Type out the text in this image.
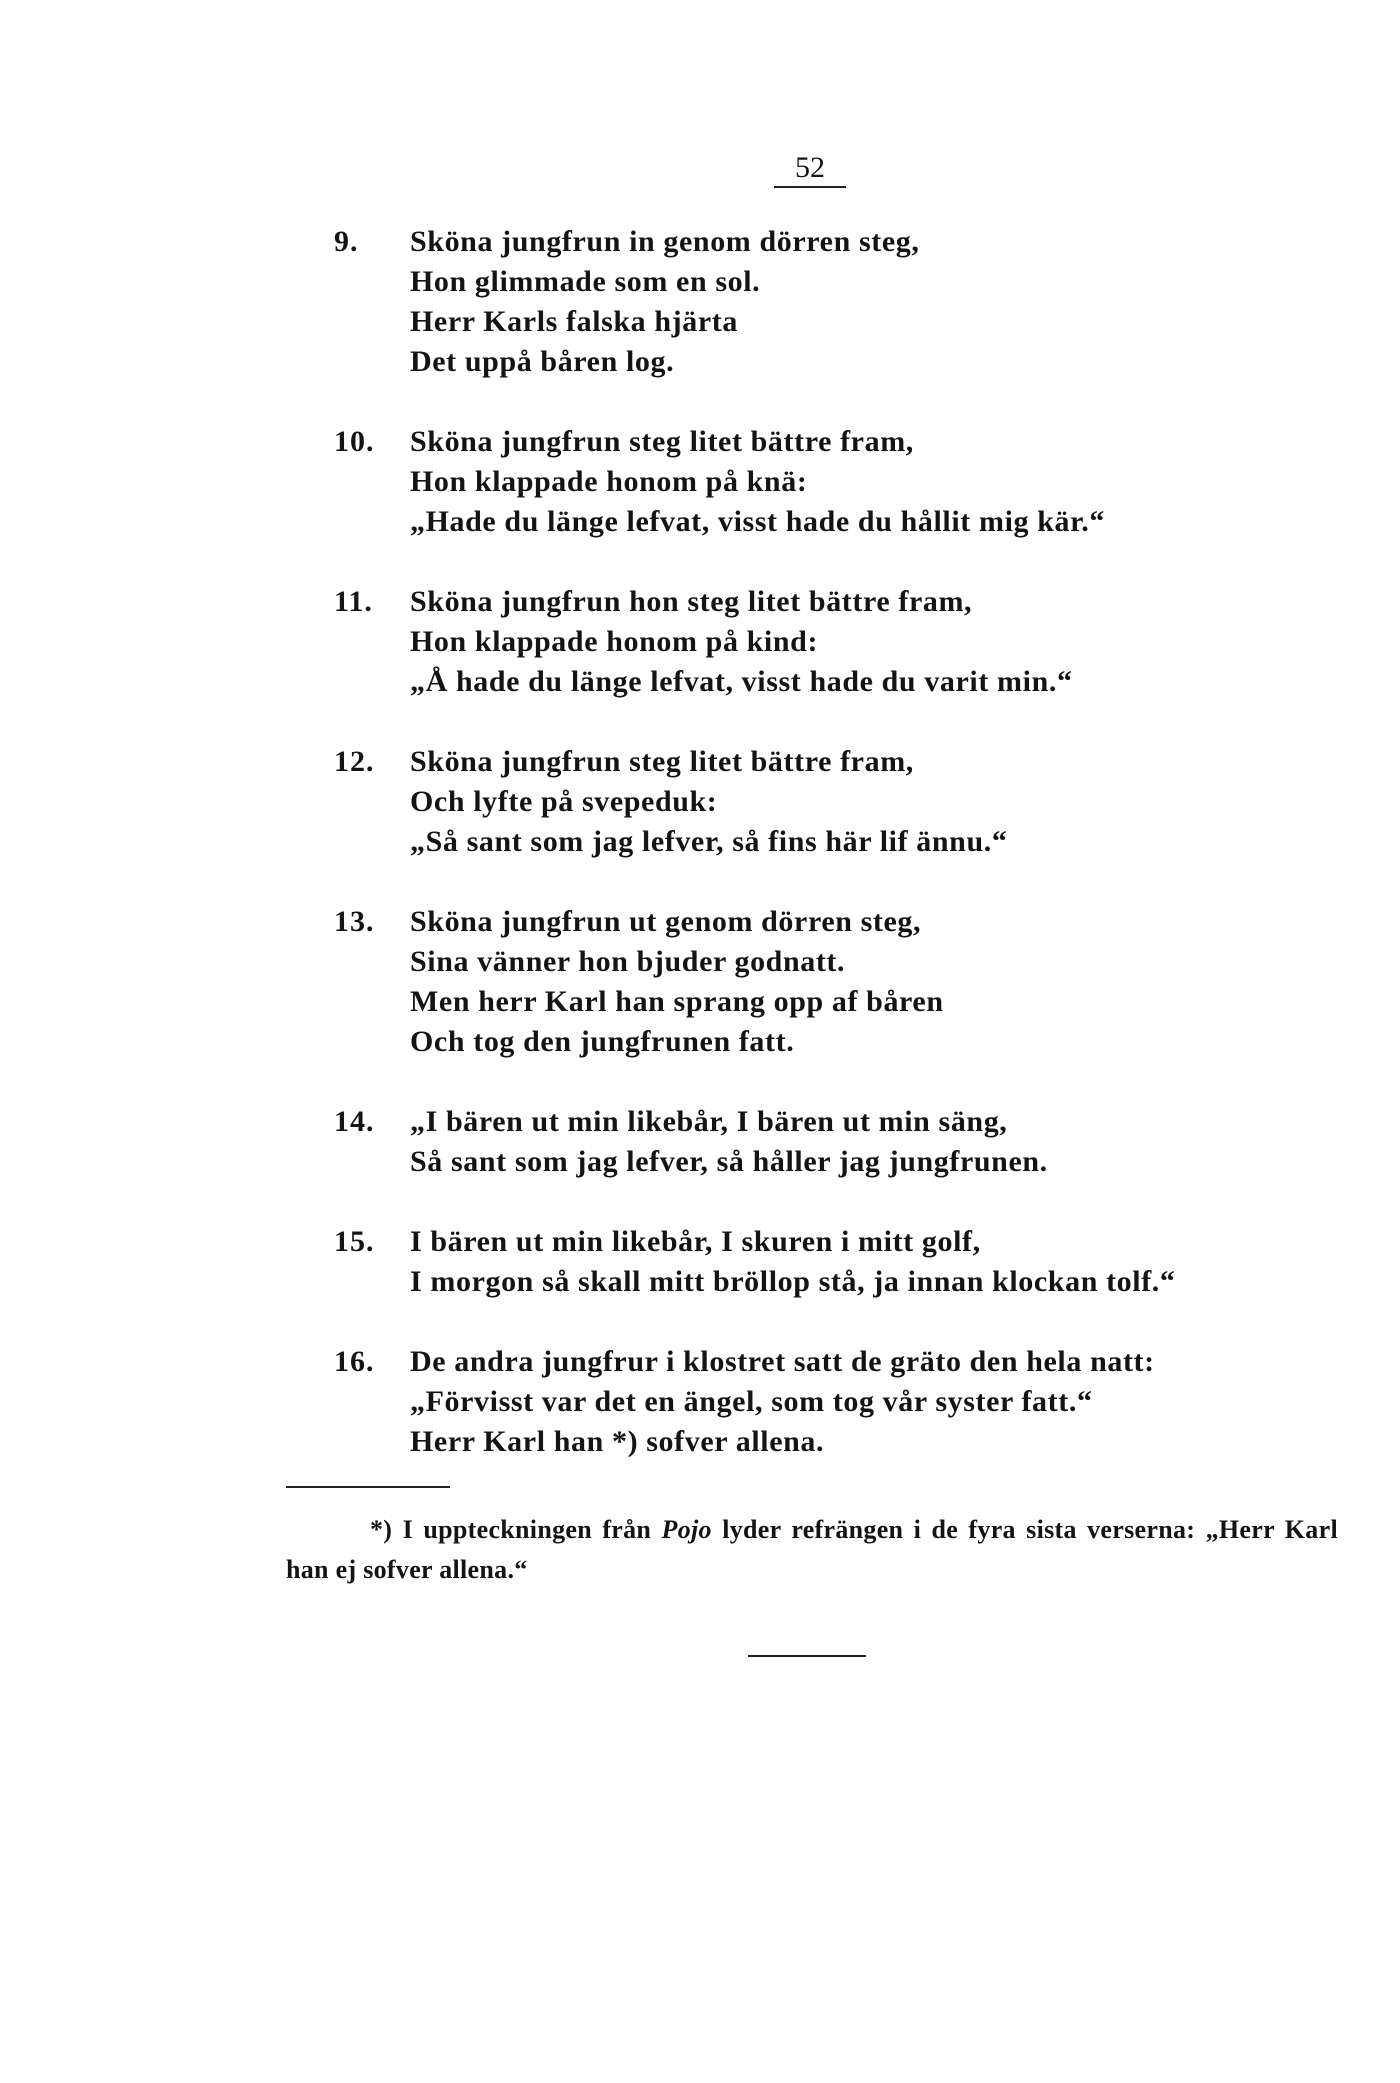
52
9. Sköna jungfrun in genom dörren steg,
Hon glimmade som en sol.
Herr Karls falska hjärta
Det uppå båren log.
10. Sköna jungfrun steg litet bättre fram,
Hon klappade honom på knä:
„Hade du länge lefvat, visst hade du hållit mig kär.“
11. Sköna jungfrun hon steg litet bättre fram,
Hon klappade honom på kind:
„Å hade du länge lefvat, visst hade du varit min.“
12. Sköna jungfrun steg litet bättre fram,
Och lyfte på svepeduk:
„Så sant som jag lefver, så fins här lif ännu.“
13. Sköna jungfrun ut genom dörren steg,
Sina vänner hon bjuder godnatt.
Men herr Karl han sprang opp af båren
Och tog den jungfrunen fatt.
14. „I bären ut min likebår, I bären ut min säng,
Så sant som jag lefver, så håller jag jungfrunen.
15. I bären ut min likebår, I skuren i mitt golf,
I morgon så skall mitt bröllop stå, ja innan klockan tolf.“
16. De andra jungfrur i klostret satt de gräto den hela natt:
„Förvisst var det en ängel, som tog vår syster fatt.“
Herr Karl han *) sofver allena.
*) I uppteckningen från Pojo lyder refrängen i de fyra sista verserna: „Herr Karl han ej sofver allena.“
